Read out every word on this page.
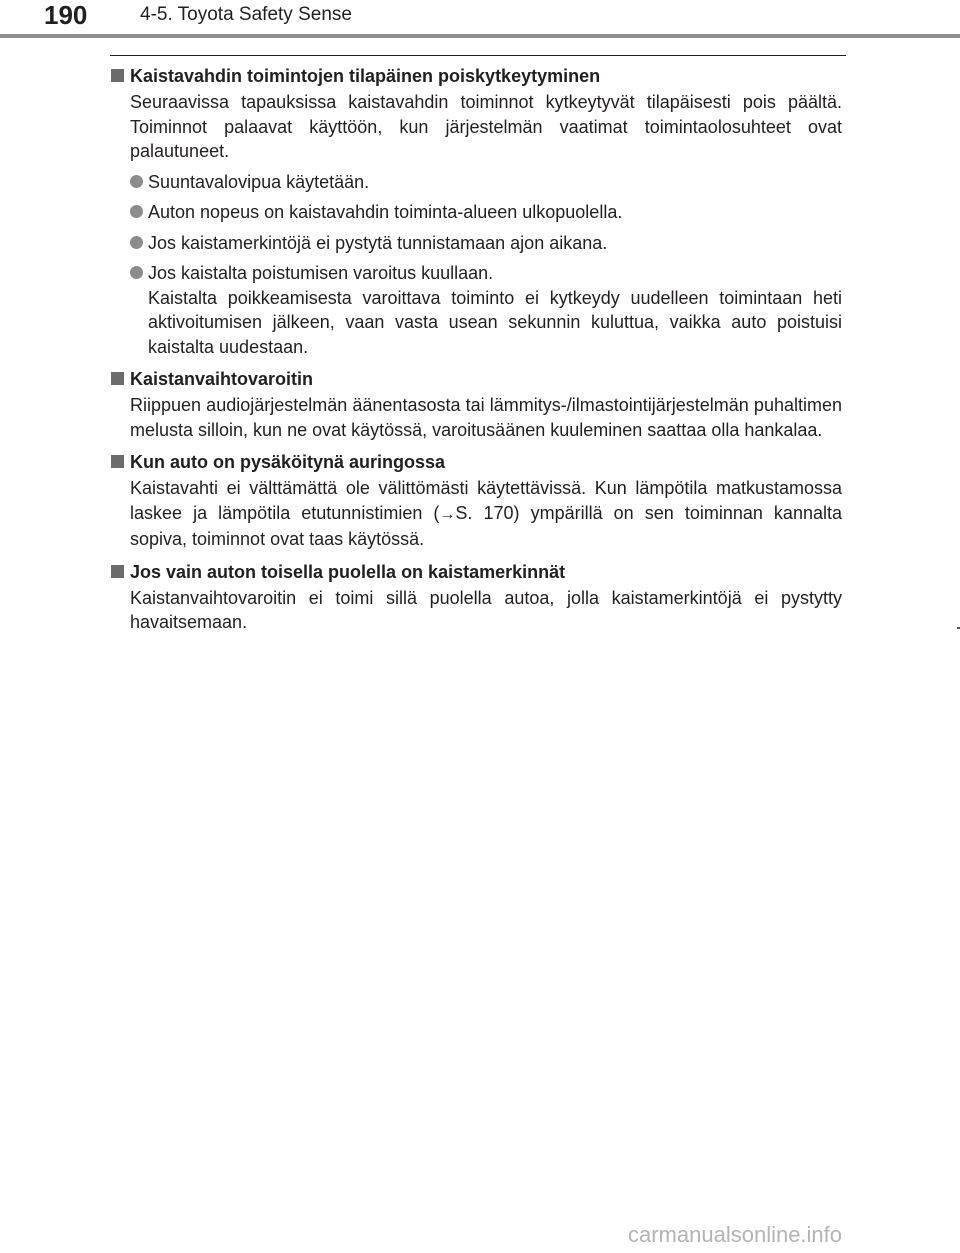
190	4-5. Toyota Safety Sense
Kaistavahdin toimintojen tilapäinen poiskytkeytyminen

Seuraavissa tapauksissa kaistavahdin toiminnot kytkeytyvät tilapäisesti pois päältä. Toiminnot palaavat käyttöön, kun järjestelmän vaatimat toimintaolosuhteet ovat palautuneet.

Suuntavalovipua käytetään.
Auton nopeus on kaistavahdin toiminta-alueen ulkopuolella.
Jos kaistamerkintöjä ei pystytä tunnistamaan ajon aikana.
Jos kaistalta poistumisen varoitus kuullaan.
Kaistalta poikkeamisesta varoittava toiminto ei kytkeydy uudelleen toimintaan heti aktivoitumisen jälkeen, vaan vasta usean sekunnin kuluttua, vaikka auto poistuisi kaistalta uudestaan.
Kaistanvaihtovaroitin

Riippuen audiojärjestelmän äänentasosta tai lämmitys-/ilmastointijärjestelmän puhaltimen melusta silloin, kun ne ovat käytössä, varoitusäänen kuuleminen saattaa olla hankalaa.

Kun auto on pysäköitynä auringossa

Kaistavahti ei välttämättä ole välittömästi käytettävissä. Kun lämpötila matkustamossa laskee ja lämpötila etutunnistimien (→S. 170) ympärillä on sen toiminnan kannalta sopiva, toiminnot ovat taas käytössä.

Jos vain auton toisella puolella on kaistamerkinnät

Kaistanvaihtovaroitin ei toimi sillä puolella autoa, jolla kaistamerkintöjä ei pystytty havaitsemaan.

carmanualsonline.info
